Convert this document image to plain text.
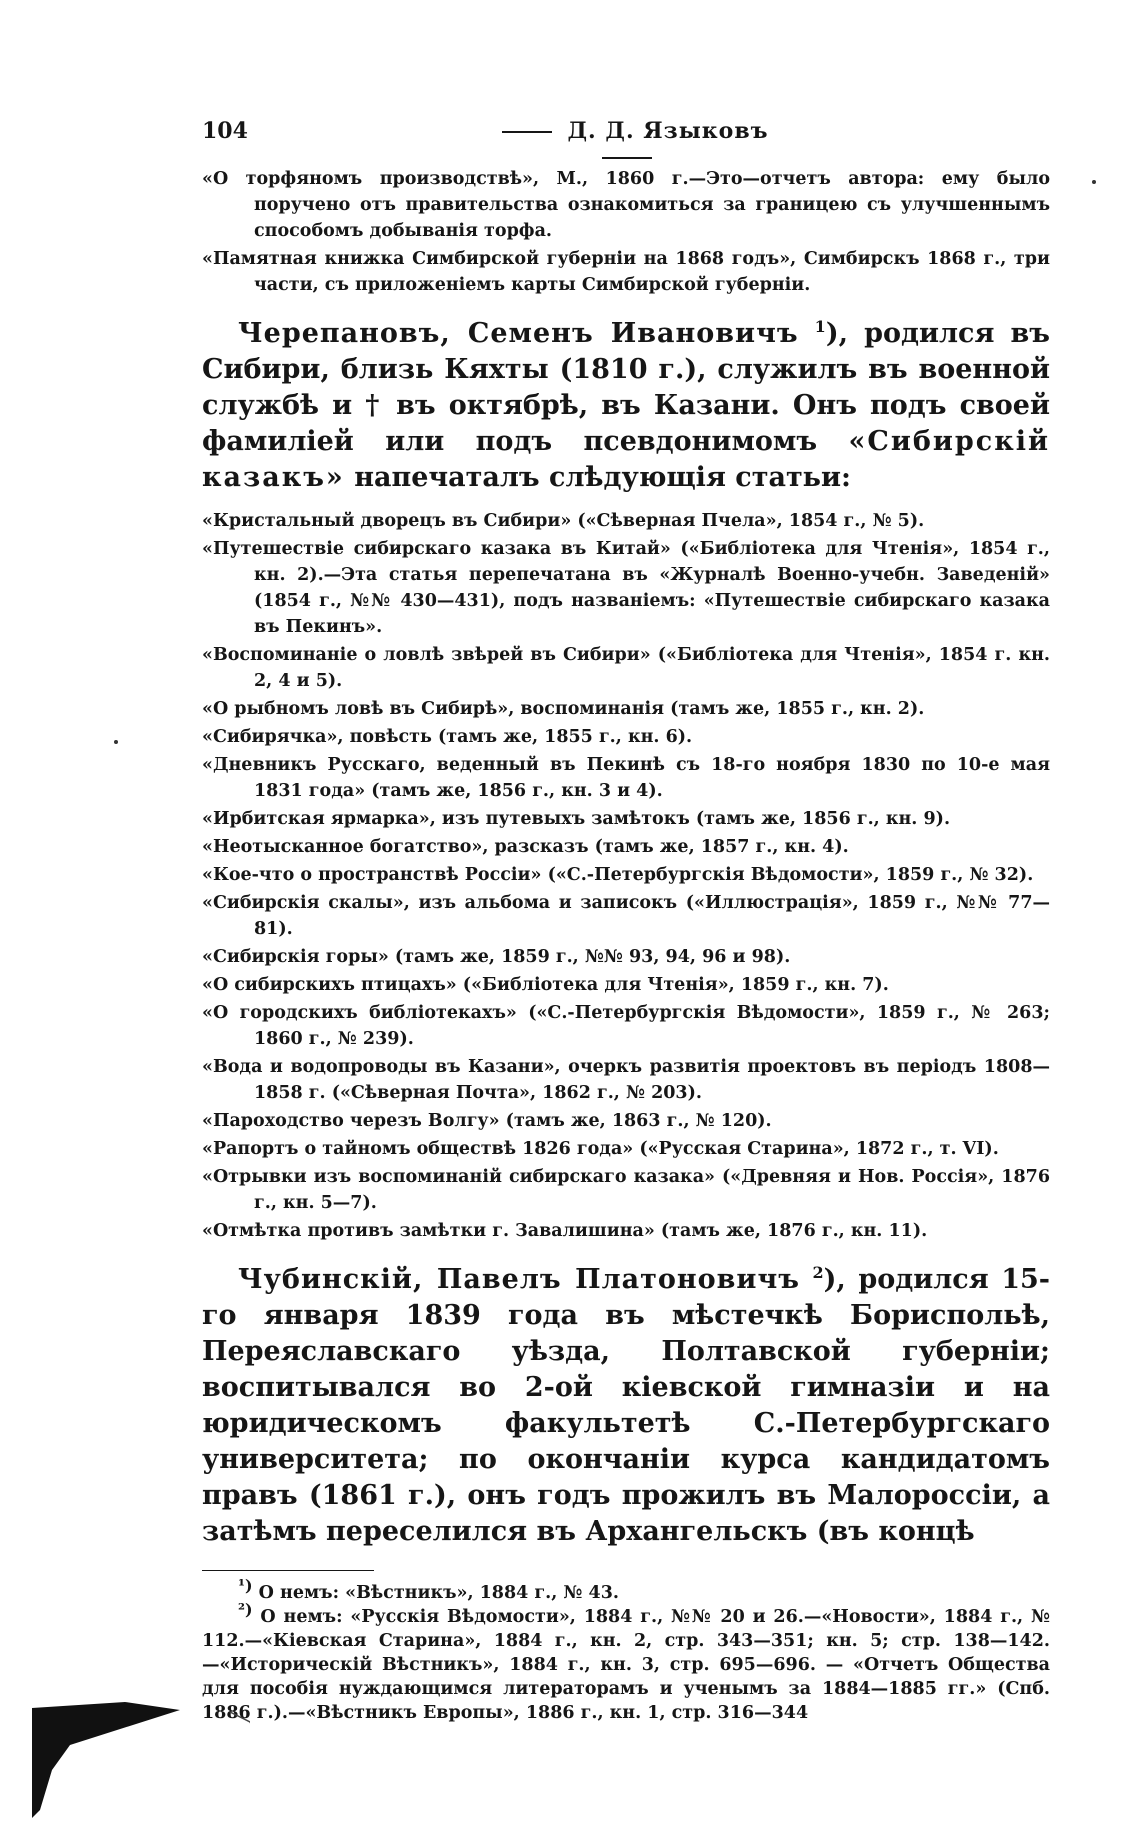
104	Д. Д. Языковъ

«О торфяномъ производствѣ», М., 1860 г.—Это—отчетъ автора: ему было поручено отъ правительства ознакомиться за границею съ улучшеннымъ способомъ добыванія торфа.

«Памятная книжка Симбирской губерніи на 1868 годъ», Симбирскъ 1868 г., три части, съ приложеніемъ карты Симбирской губерніи.

Черепановъ, Семенъ Ивановичъ $^1$), родился въ Сибири, близь Кяхты (1810 г.), служилъ въ военной службѣ и † въ октябрѣ, въ Казани. Онъ подъ своей фамиліей или подъ псевдонимомъ «Сибирскій казакъ» напечаталъ слѣдующія статьи:

«Кристальный дворецъ въ Сибири» («Сѣверная Пчела», 1854 г., № 5).

«Путешествіе сибирскаго казака въ Китай» («Библіотека для Чтенія», 1854 г., кн. 2).—Эта статья перепечатана въ «Журналѣ Военно-учебн. Заведеній» (1854 г., №№ 430—431), подъ названіемъ: «Путешествіе сибирскаго казака въ Пекинъ».

«Воспоминаніе о ловлѣ звѣрей въ Сибири» («Библіотека для Чтенія», 1854 г. кн. 2, 4 и 5).

«О рыбномъ ловѣ въ Сибирѣ», воспоминанія (тамъ же, 1855 г., кн. 2).

«Сибирячка», повѣсть (тамъ же, 1855 г., кн. 6).

«Дневникъ Русскаго, веденный въ Пекинѣ съ 18-го ноября 1830 по 10-е мая 1831 года» (тамъ же, 1856 г., кн. 3 и 4).

«Ирбитская ярмарка», изъ путевыхъ замѣтокъ (тамъ же, 1856 г., кн. 9).

«Неотысканное богатство», разсказъ (тамъ же, 1857 г., кн. 4).

«Кое-что о пространствѣ Россіи» («С.-Петербургскія Вѣдомости», 1859 г., № 32).

«Сибирскія скалы», изъ альбома и записокъ («Иллюстрація», 1859 г., №№ 77—81).

«Сибирскія горы» (тамъ же, 1859 г., №№ 93, 94, 96 и 98).

«О сибирскихъ птицахъ» («Библіотека для Чтенія», 1859 г., кн. 7).

«О городскихъ библіотекахъ» («С.-Петербургскія Вѣдомости», 1859 г., № 263; 1860 г., № 239).

«Вода и водопроводы въ Казани», очеркъ развитія проектовъ въ періодъ 1808—1858 г. («Сѣверная Почта», 1862 г., № 203).

«Пароходство черезъ Волгу» (тамъ же, 1863 г., № 120).

«Рапортъ о тайномъ обществѣ 1826 года» («Русская Старина», 1872 г., т. VI).

«Отрывки изъ воспоминаній сибирскаго казака» («Древняя и Нов. Россія», 1876 г., кн. 5—7).

«Отмѣтка противъ замѣтки г. Завалишина» (тамъ же, 1876 г., кн. 11).

Чубинскій, Павелъ Платоновичъ $^2$), родился 15-го января 1839 года въ мѣстечкѣ Бориспольѣ, Переяславскаго уѣзда, Полтавской губерніи; воспитывался во 2-ой кіевской гимназіи и на юридическомъ факультетѣ С.-Петербургскаго университета; по окончаніи курса кандидатомъ правъ (1861 г.), онъ годъ прожилъ въ Малороссіи, а затѣмъ переселился въ Архангельскъ (въ концѣ

$^{^1)}$ О немъ: «Вѣстникъ», 1884 г., № 43.

$^{^2)}$ О немъ: «Русскія Вѣдомости», 1884 г., №№ 20 и 26.—«Новости», 1884 г., № 112.—«Кіевская Старина», 1884 г., кн. 2, стр. 343—351; кн. 5; стр. 138—142.—«Историческій Вѣстникъ», 1884 г., кн. 3, стр. 695—696. — «Отчетъ Общества для пособія нуждающимся литераторамъ и ученымъ за 1884—1885 гг.» (Спб. 1886 г.).—«Вѣстникъ Европы», 1886 г., кн. 1, стр. 316—344
